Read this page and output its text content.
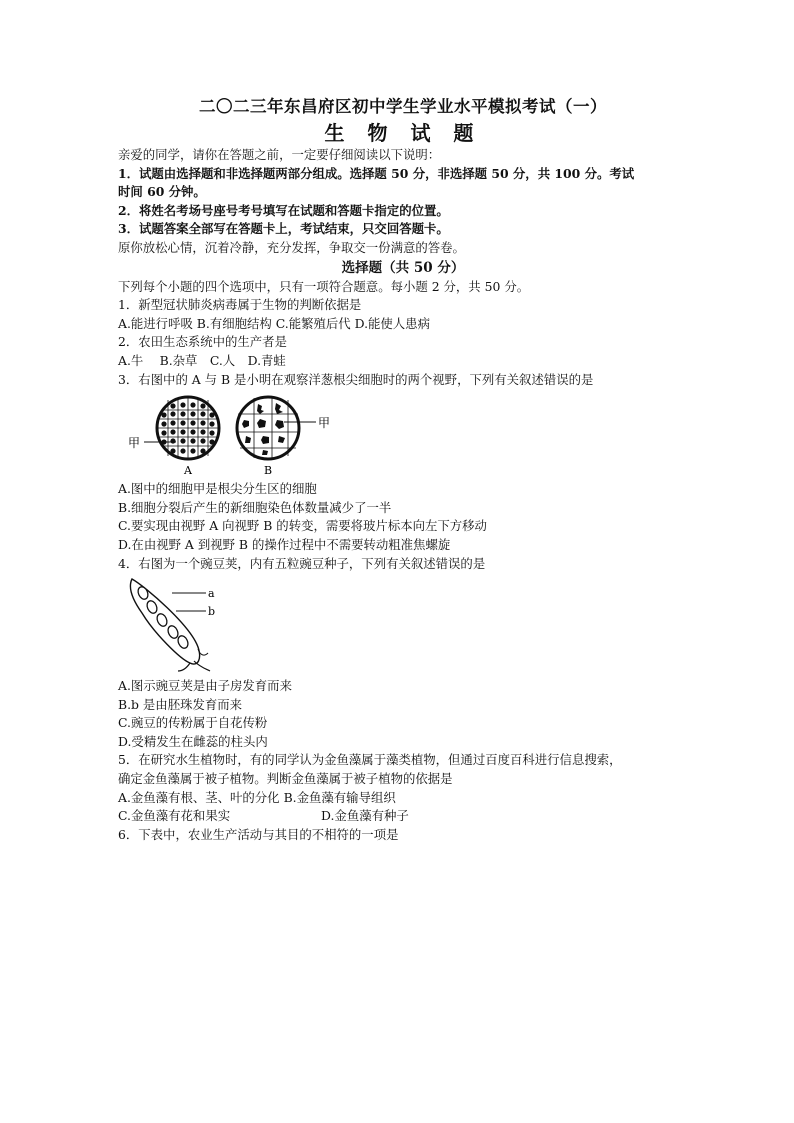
二〇二三年东昌府区初中学生学业水平模拟考试（一）

生 物 试 题

亲爱的同学，请你在答题之前，一定要仔细阅读以下说明：

1．试题由选择题和非选择题两部分组成。选择题 50 分，非选择题 50 分，共 100 分。考试

时间 60 分钟。

2．将姓名考场号座号考号填写在试题和答题卡指定的位置。

3．试题答案全部写在答题卡上，考试结束，只交回答题卡。

原你放松心情，沉着冷静，充分发挥，争取交一份满意的答卷。

选择题（共 50 分）

下列每个小题的四个选项中，只有一项符合题意。每小题 2 分，共 50 分。

1．新型冠状肺炎病毒属于生物的判断依据是

A.能进行呼吸 B.有细胞结构 C.能繁殖后代 D.能使人患病

2．农田生态系统中的生产者是

A.牛　 B.杂草　C.人　D.青蛙

3．右图中的 A 与 B 是小明在观察洋葱根尖细胞时的两个视野，下列有关叙述错误的是

甲
A
甲
B

A.图中的细胞甲是根尖分生区的细胞

B.细胞分裂后产生的新细胞染色体数量减少了一半

C.要实现由视野 A 向视野 B 的转变，需要将玻片标本向左下方移动

D.在由视野 A 到视野 B 的操作过程中不需要转动粗准焦螺旋

4．右图为一个豌豆荚，内有五粒豌豆种子，下列有关叙述错误的是

a
b

A.图示豌豆荚是由子房发育而来

B.b 是由胚珠发育而来

C.豌豆的传粉属于自花传粉

D.受精发生在雌蕊的柱头内

5．在研究水生植物时，有的同学认为金鱼藻属于藻类植物，但通过百度百科进行信息搜索，

确定金鱼藻属于被子植物。判断金鱼藻属于被子植物的依据是

A.金鱼藻有根、茎、叶的分化 B.金鱼藻有输导组织
C.金鱼藻有花和果实	D.金鱼藻有种子

6．下表中，农业生产活动与其目的不相符的一项是
